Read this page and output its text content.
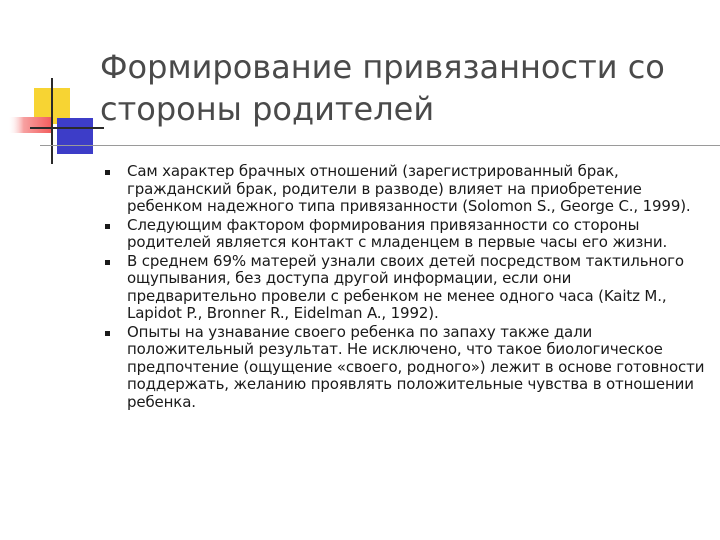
Формирование привязанности со стороны родителей
Сам характер брачных отношений (зарегистрированный брак, гражданский брак, родители в разводе) влияет на приобретение ребенком надежного типа привязанности (Solomon S., George C., 1999).
Следующим фактором формирования привязанности со стороны родителей является контакт с младенцем в первые часы его жизни.
В среднем 69% матерей узнали своих детей посредством тактильного ощупывания, без доступа другой информации, если они предварительно провели с ребенком не менее одного часа (Kaitz M., Lapidot P., Bronner R., Eidelman A., 1992).
Опыты на узнавание своего ребенка по запаху также дали положительный результат. Не исключено, что такое биологическое предпочтение (ощущение «своего, родного») лежит в основе готовности поддержать, желанию проявлять положительные чувства в отношении ребенка.
